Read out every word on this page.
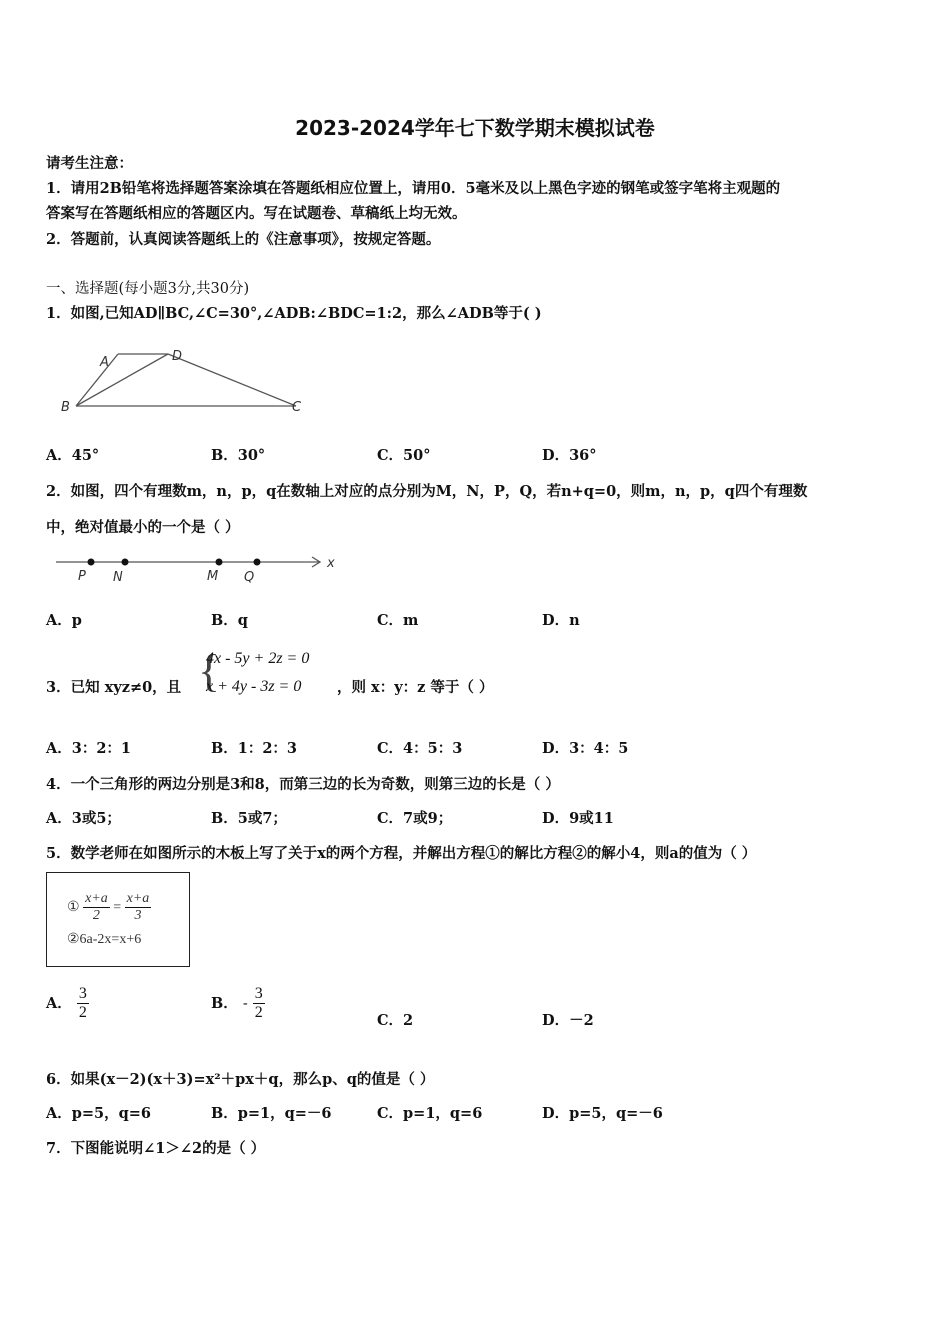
2023-2024学年七下数学期末模拟试卷
请考生注意：
1．请用2B铅笔将选择题答案涂填在答题纸相应位置上，请用0．5毫米及以上黑色字迹的钢笔或签字笔将主观题的
答案写在答题纸相应的答题区内。写在试题卷、草稿纸上均无效。
2．答题前，认真阅读答题纸上的《注意事项》，按规定答题。
一、选择题(每小题3分,共30分)
1．如图,已知AD∥BC,∠C=30°,∠ADB:∠BDC=1:2，那么∠ADB等于( )
A	D
B	C
A．45°	B．30°	C．50°	D．36°
2．如图，四个有理数m，n，p，q在数轴上对应的点分别为M，N，P，Q，若n+q=0，则m，n，p，q四个有理数
中，绝对值最小的一个是（ ）
P N	M Q
x
A．p	B．q	C．m	D．n
3．已知 xyz≠0，且 {
4x - 5y + 2z = 0
x + 4y - 3z = 0 ，则 x：y：z 等于（ ）
A．3：2：1	B．1：2：3	C．4：5：3	D．3：4：5
4．一个三角形的两边分别是3和8，而第三边的长为奇数，则第三边的长是（ ）
A．3或5；	B．5或7；	C．7或9；	D．9或11
5．数学老师在如图所示的木板上写了关于x的两个方程，并解出方程①的解比方程②的解小4，则a的值为（ ）
① $\frac{x+a}{2} = \frac{x+a}{3}$
②6a-2x=x+6
A． $\frac{3}{2}$	B． - $\frac{3}{2}$	C．2	D．－2
6．如果(x－2)(x＋3)=x²＋px＋q，那么p、q的值是（ ）
A．p=5，q=6	B．p=1，q=－6	C．p=1，q=6	D．p=5，q=－6
7．下图能说明∠1＞∠2的是（ ）
